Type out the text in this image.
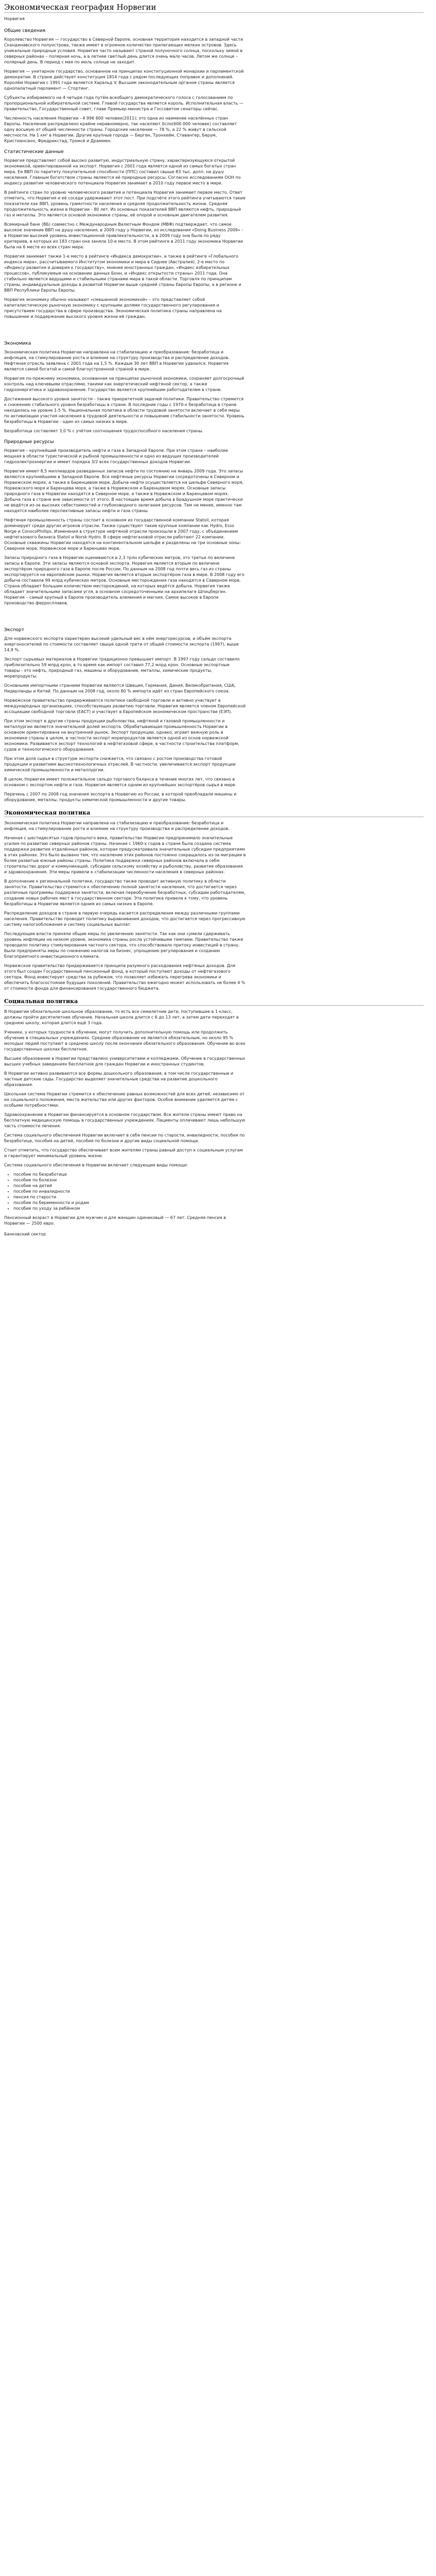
Экономическая география Норвегии

Норвегия

Общие сведения

Королевство Норвегия — государство в Северной Европе, основная территория находится в западной части Скандинавского полуострова, также имеет в огромное количество прилегающих мелких островов. Здесь уникальные природные условия. Норвегия часто называют страной полуночного солнца, поскольку зимой в северных районах – полярная ночь, а в летнее светлый день длится очень мало часов. Летом же солнце – полярный день. В период с мая по июль солнце не заходит.

Норвегия — унитарное государство, основанное на принципах конституционной монархии и парламентской демократии. В стране действует конституция 1814 года с рядом последующих поправок и дополнений. Королём Норвегии с 1991 года является Харальд V. Высшим законодательным органом страны является однопалатный парламент — Стортинг.

Субъекты избираемого на 4 четыре года путём всеобщего демократического голоса с голосованием по пропорциональной избирательной системе. Главой государства является король. Исполнительная власть — правительство, Государственный совет, главе Премьер-министра и Госсоветом сенаторы сейчас.

Численность населения Норвегии - 4 996 600 человек(2011); это одна из наименее населённых стран Европы. Население распределено крайне неравномерно, так населяют 0сло(600 000 человек) составляет одну восьмую от общей численности страны. Городские население — 78 %, а 22 % живут в сельской местности. На 1 км² в Норвегии. Другие крупные города — Берген, Тронхейм, Ставангер, Берум, Кристиансанн, Фредрикстад, Тромсё и Драммен.

Статистические данные

Норвегия представляет собой высоко развитую, индустриальную страну, характеризующуюся открытой экономикой, ориентированной на экспорт. Норвегия с 2001 года является одной из самых богатых стран мира. Ее ВВП по паритету покупательной способности (ППС) составил свыше 83 тыс. долл. на душу населения. Главным богатством страны являются её природные ресурсы. Согласно исследованиям ООН по индексу развития человеческого потенциала Норвегия занимает в 2010 году первое место в мире.

В рейтинге стран по уровню человеческого развития и потенциала Норвегия занимает первое место. Ответ отметить, что Норвегия и её соседи удерживают этот пост. При подсчёте этого рейтинга учитываются такие показатели как ВВП, уровень грамотности населения и средняя продолжительность жизни. Средняя продолжительность жизни в Норвегии - 80 лет. Из основных показателей ВВП являются нефть, природный газ и металлы. Это является основой экономики страны, её опорой и основным двигателем развития.

Всемирный банк (ВБ) совместно с Международным Валютным Фондом (МВФ) подтверждает, что самое высокое значение ВВП на душу населения, в 2009 году у Норвегии, из исследования «Doing Business 2009» - в Норвегии высокий уровень инвестиционной привлекательности, а в 2009 году она была по ряду критериев, в которых из 183 стран она заняла 10-е место. В этом рейтинге в 2011 году экономика Норвегии была на 6 месте из всех стран мира.

Норвегия занимает также 1-е место в рейтинге «Индекса демократии», а также в рейтинге «Глобального индекса мира», рассчитываемого Институтом экономики и мира в Сиднее (Австралия). 2-е место по «Индексу развития и доверия к государству», мнение иностранных граждан, «Индекс избирательных процессов», публикуемые на основании данных Бонн, и «Индекс открытости страны» 2011 года. Она стабильно является ведущими и стабильными странами мира в такой области. Торговля по принципам страны, индивидуальные доходы в развитой Норвегии выше средней страны Европы Европы, а в регионе и ВВП Республики Европы Европы.

Норвегия экономику обычно называют «смешанной экономикой» – это представляет собой капиталистическую рыночную экономику с крупными долями государственного регулирования и присутствием государства в сфере производства. Экономическая политика страны направлена на повышение и поддержание высокого уровня жизни её граждан.

Экономика

Экономическая политика Норвегии направлена на стабилизацию и преобразование: безработица и инфляция, на стимулирование роста и влияние на структуру производства и распределение доходов. Нефтяная отрасль заявлена с 2001 года на 1,5 %. Каждые 30 лет ВВП в Норвегии удвоился. Норвегия является самой богатой и самой благоустроенной страной в мире.

Норвегия по-прежнему экономика, основанная на принципах рыночной экономики, сохраняет долгосрочный контроль над ключевыми отраслями, такими как энергетический нефтяной сектор, а также гидроэнергетика и здравоохранение. Государство является крупнейшим работодателем в стране.

Достижения высокого уровня занятости - также приоритетной задачей политики. Правительство стремится к снижению стабильного уровня безработицы в стране. В последние годы с 1970-х безработица в стране находилась на уровне 1-5 %. Национальная политика в области трудовой занятости включает в себя меры по активизации участия населения в трудовой деятельности и повышение стабильности занятости. Уровень безработицы в Норвегии - один из самых низких в мире.

Безработица составляет 3,0 % с учётом соотношения трудоспособного населения страны.

Природные ресурсы

Норвегия – крупнейший производитель нефти и газа в Западной Европе. При этом страна – наиболее мощная в области туристической и рыбной промышленности и одно из ведущих производителей гидроэлектроэнергии и имеет порядка 3/2 всех государственных доходов Норвегии.

Норвегия имеет 8,5 миллиардов разведанных запасов нефти по состоянию на январь 2009 года. Это запасы являются крупнейшими в Западной Европе. Все нефтяные ресурсы Норвегии сосредоточены в Северном и Норвежском морях, а также в Баренцевом море. Добыча нефти осуществляется на шельфе Северного моря, Норвежского моря и Баренцева моря, а также в Норвежском и Баренцевом морях. Основные запасы природного газа в Норвегии находятся в Северном море, а также в Норвежском и Баренцевом морях. Добыча газа в стране вне зависимости от этого. В настоящее время добыча в Брадушном море практически не ведётся из-за высоких себестоимостей и глубоководного залегания ресурсов. Тем не менее, именно там находятся наиболее перспективные запасы нефти и газа страны.

Нефтяная промышленность страны состоит в основном из государственной компании Statoil, которая доминирует среди других игроков отрасли. Также существуют такие крупные компании как Hydro, Esso Norge и ConocoPhillips. Изменения в структуре нефтяной отрасли произошли в 2007 году, с объединением нефтегазового бизнеса Statoil и Norsk Hydro. В сфере нефтегазовой отрасли работают 22 компании. Основные скважины Норвегии находятся на континентальном шельфе и разделены на три основные зоны: Северное море, Норвежское море и Баренцево море.

Запасы природного газа в Норвегии оцениваются в 2,3 трлн кубических метров, это третьи по величине запасы в Европе. Эти запасы являются основой экспорта. Норвегия является вторым по величине экспортёром природного газа в Европе после России. По данным на 2008 год почти весь газ из страны экспортируется на европейские рынки. Норвегия является вторым экспортёром газа в мире. В 2008 году его добыча составила 99 млрд кубических метров. Основные месторождения газа находятся в Северном море. Страна обладает большим количеством месторождений, на которых ведётся добыча. Норвегия также обладает значительными запасами угля, в основном сосредоточенными на архипелаге Шпицберген. Норвегия – самый крупный в Европе производитель алюминия и магния. Самое высокое в Европе производство ферросплавов.

Экспорт

Для норвежского экспорта характерен высокий удельный вес в нём энергоресурсов, и объём экспорта энергоносителей по стоимости составляет свыше одной трети от общей стоимости экспорта (1997), выше 14,9 %.

Экспорт сырьевых материалов в Норвегии традиционно превышает импорт. В 1997 году сальдо составило приблизительно 59 млрд крон, в то время как импорт составил 77,2 млрд крон. Основные экспортные товары - это нефть, природный газ, машины и оборудование, металлы, химические продукты, морепродукты.

Основными импортными странами Норвегии являются Швеция, Германия, Дания, Великобритания, США, Нидерланды и Китай. По данным на 2008 год, около 80 % импорта идёт из стран Европейского союза.

Норвежское правительство придерживается политики свободной торговли и активно участвует в международных организациях, способствующих развитию торговли. Норвегия является членом Европейской ассоциации свободной торговли (ЕАСТ) и участвует в Европейском экономическом пространстве (ЕЭП).

При этом экспорт в другие страны продукции рыболовства, нефтяной и газовой промышленности и металлургии является значительной долей экспорта. Обрабатывающая промышленность Норвегии в основном ориентирована на внутренний рынок. Экспорт продукции, однако, играет важную роль в экономике страны в целом, в частности экспорт морепродуктов является одной из основ норвежской экономики. Развивается экспорт технологий в нефтегазовой сфере, в частности строительства платформ, судов и технологического оборудования.

При этом доля сырья в структуре экспорта снижается, что связано с ростом производства готовой продукции и развитием высокотехнологичных отраслей. В частности, увеличивается экспорт продукции химической промышленности и металлургии.

В целом, Норвегия имеет положительное сальдо торгового баланса в течение многих лет, что связано в основном с экспортом нефти и газа. Норвегия является одним из крупнейших экспортёров сырья в мире.

Перечень с 2007 по 2008 год значения экспорта в Норвегию из России, в которой преобладали машины и оборудование, металлы, продукты химической промышленности и другие товары.

Экономическая политика

Экономическая политика Норвегии направлена на стабилизацию и преобразование: безработица и инфляция, на стимулирование роста и влияние на структуру производства и распределение доходов.

Начиная с шестидесятых годов прошлого века, правительство Норвегии предпринимало значительные усилия по развитию северных районов страны. Начиная с 1960-х годов в стране была создана система поддержки развития отдалённых районов, которая предусматривала значительные субсидии предприятиям в этих районах. Это было вызвано тем, что население этих районов постоянно сокращалось из-за миграции в более развитые южные районы страны. Политика поддержки северных районов включала в себя: строительство дорог и коммуникаций, субсидии сельскому хозяйству и рыболовству, развитие образования и здравоохранения. Эти меры привели к стабилизации численности населения в северных районах.

В дополнение к региональной политике, государство также проводит активную политику в области занятости. Правительство стремится к обеспечению полной занятости населения, что достигается через различные программы поддержки занятости, включая переобучение безработных, субсидии работодателям, создание новых рабочих мест в государственном секторе. Эта политика привела к тому, что уровень безработицы в Норвегии является одним из самых низких в Европе.

Распределение доходов в стране в первую очередь касается распределения между различными группами населения. Правительство проводит политику выравнивания доходов, что достигается через прогрессивную систему налогообложения и систему социальных выплат.

Последующие власти приняли общие меры по увеличению занятости. Так как они сумели сдерживать уровень инфляции на низком уровне, экономика страны росла устойчивыми темпами. Правительство также проводило политику стимулирования частного сектора, что способствовало притоку инвестиций в страну. Были предприняты меры по снижению налогов на бизнес, упрощению регулирования и созданию благоприятного инвестиционного климата.

Норвежское правительство придерживается принципа разумного расходования нефтяных доходов. Для этого был создан Государственный пенсионный фонд, в который поступают доходы от нефтегазового сектора. Фонд инвестирует средства за рубежом, что позволяет избежать перегрева экономики и обеспечить благосостояние будущих поколений. Правительство ежегодно может использовать не более 4 % от стоимости фонда для финансирования государственного бюджета.

Социальная политика

В Норвегии обязательное школьное образование, то есть все семилетние дети, поступившие в 1 класс, должны пройти десятилетнее обучение. Начальная школа длится с 6 до 13 лет, а затем дети переходят в среднюю школу, которая длится ещё 3 года.

Ученики, у которых трудности в обучении, могут получить дополнительную помощь или продолжить обучение в специальных учреждениях. Среднее образование не является обязательным, но около 95 % молодых людей поступают в среднюю школу после окончания обязательного образования. Обучение во всех государственных школах бесплатное.

Высшее образование в Норвегии представлено университетами и колледжами. Обучение в государственных высших учебных заведениях бесплатное для граждан Норвегии и иностранных студентов.

В Норвегии активно развиваются все формы дошкольного образования, в том числе государственные и частные детские сады. Государство выделяет значительные средства на развитие дошкольного образования.

Школьная система Норвегии стремится к обеспечению равных возможностей для всех детей, независимо от их социального положения, места жительства или других факторов. Особое внимание уделяется детям с особыми потребностями.

Здравоохранение в Норвегии финансируется в основном государством. Все жители страны имеют право на бесплатную медицинскую помощь в государственных учреждениях. Пациенты оплачивают лишь небольшую часть стоимости лечения.

Система социального обеспечения Норвегии включает в себя пенсии по старости, инвалидности, пособия по безработице, пособия на детей, пособия по болезни и другие виды социальной помощи.

Стоит отметить, что государство обеспечивает всем жителям страны равный доступ к социальным услугам и гарантирует минимальный уровень жизни.

Система социального обеспечения в Норвегии включает следующие виды помощи:

• пособие по безработице
• пособие по болезни
• пособие на детей
• пособие по инвалидности
• пенсия по старости
• пособие по беременности и родам
• пособие по уходу за ребёнком

Пенсионный возраст в Норвегии для мужчин и для женщин одинаковый — 67 лет. Средняя пенсия в Норвегии — 2500 евро.

Банковский сектор
